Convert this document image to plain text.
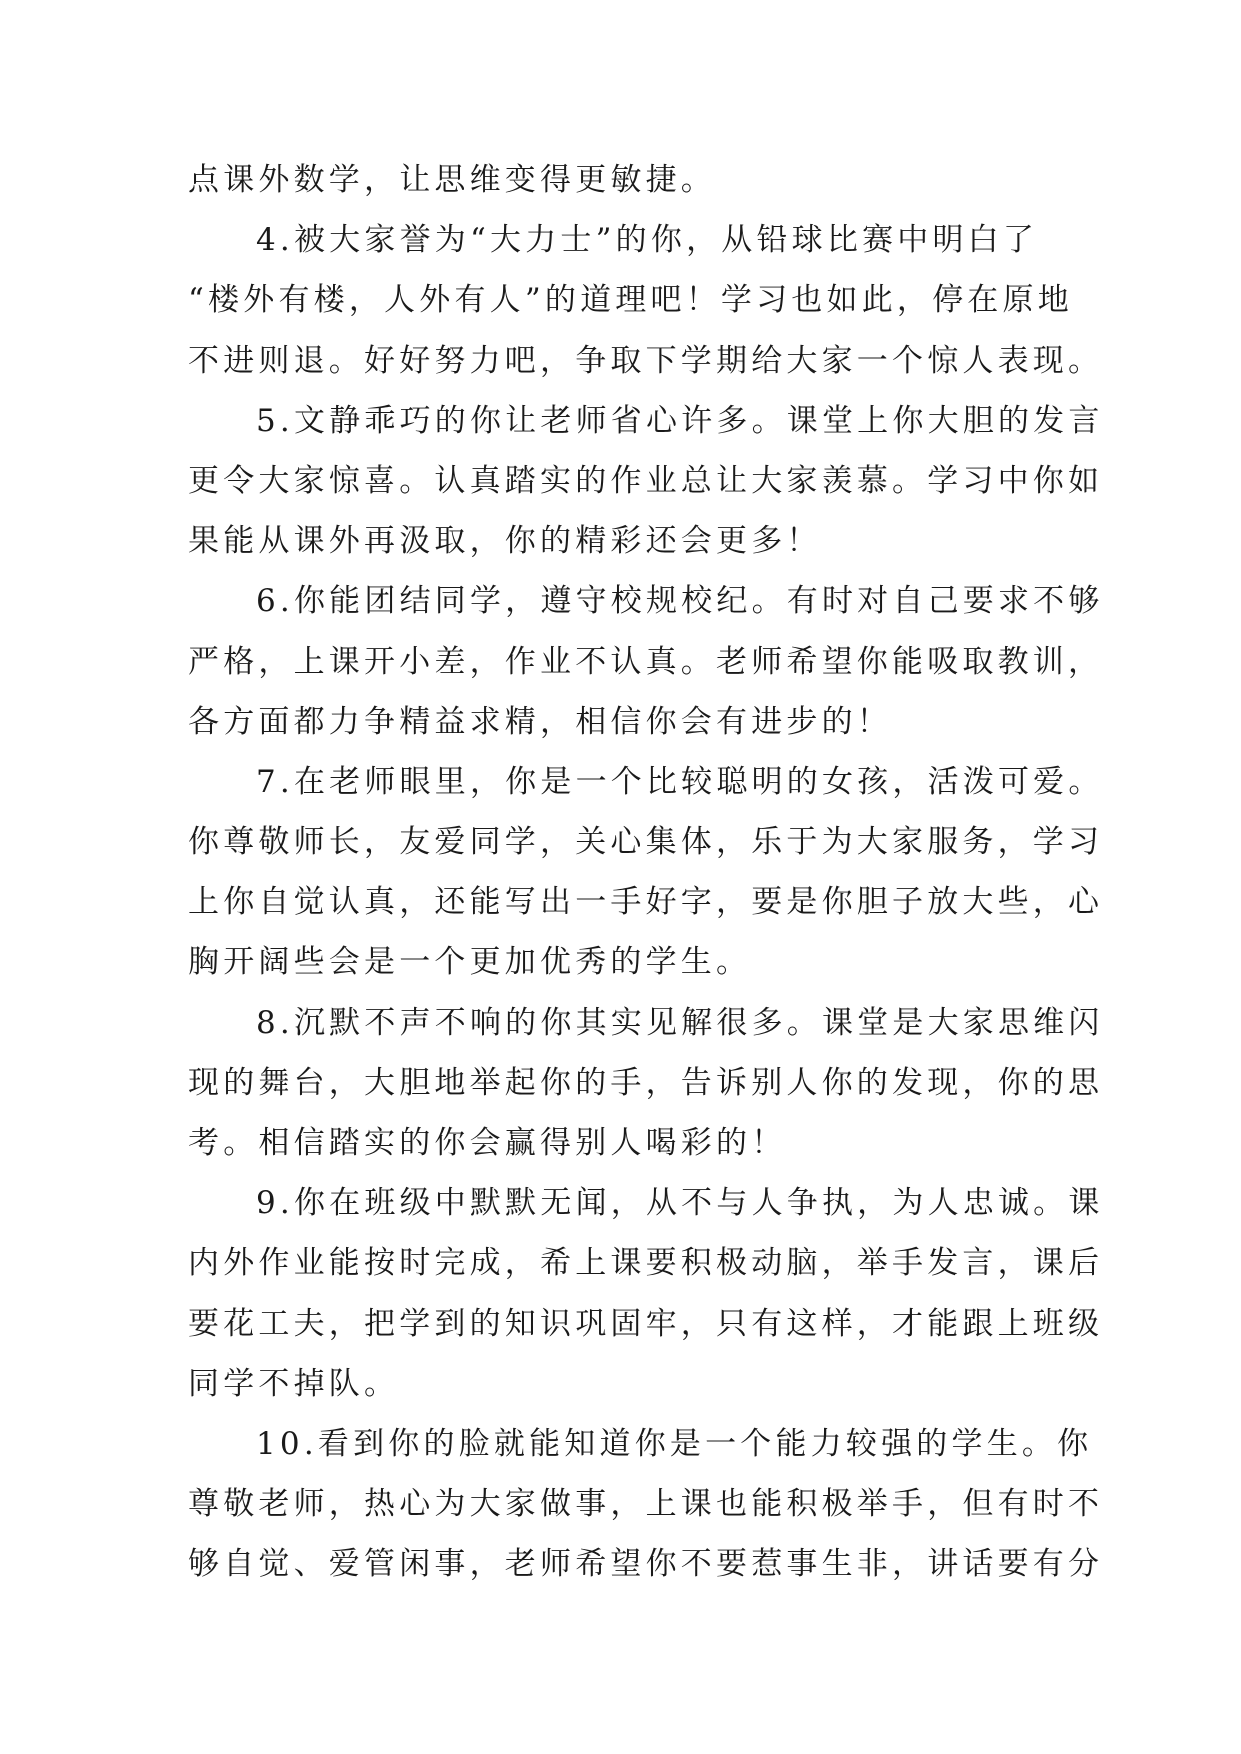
点课外数学，让思维变得更敏捷。
4.被大家誉为“大力士”的你，从铅球比赛中明白了
“楼外有楼，人外有人”的道理吧！学习也如此，停在原地
不进则退。好好努力吧，争取下学期给大家一个惊人表现。
5.文静乖巧的你让老师省心许多。课堂上你大胆的发言
更令大家惊喜。认真踏实的作业总让大家羡慕。学习中你如
果能从课外再汲取，你的精彩还会更多！
6.你能团结同学，遵守校规校纪。有时对自己要求不够
严格，上课开小差，作业不认真。老师希望你能吸取教训，
各方面都力争精益求精，相信你会有进步的！
7.在老师眼里，你是一个比较聪明的女孩，活泼可爱。
你尊敬师长，友爱同学，关心集体，乐于为大家服务，学习
上你自觉认真，还能写出一手好字，要是你胆子放大些，心
胸开阔些会是一个更加优秀的学生。
8.沉默不声不响的你其实见解很多。课堂是大家思维闪
现的舞台，大胆地举起你的手，告诉别人你的发现，你的思
考。相信踏实的你会赢得别人喝彩的！
9.你在班级中默默无闻，从不与人争执，为人忠诚。课
内外作业能按时完成，希上课要积极动脑，举手发言，课后
要花工夫，把学到的知识巩固牢，只有这样，才能跟上班级
同学不掉队。
10.看到你的脸就能知道你是一个能力较强的学生。你
尊敬老师，热心为大家做事，上课也能积极举手，但有时不
够自觉、爱管闲事，老师希望你不要惹事生非，讲话要有分
